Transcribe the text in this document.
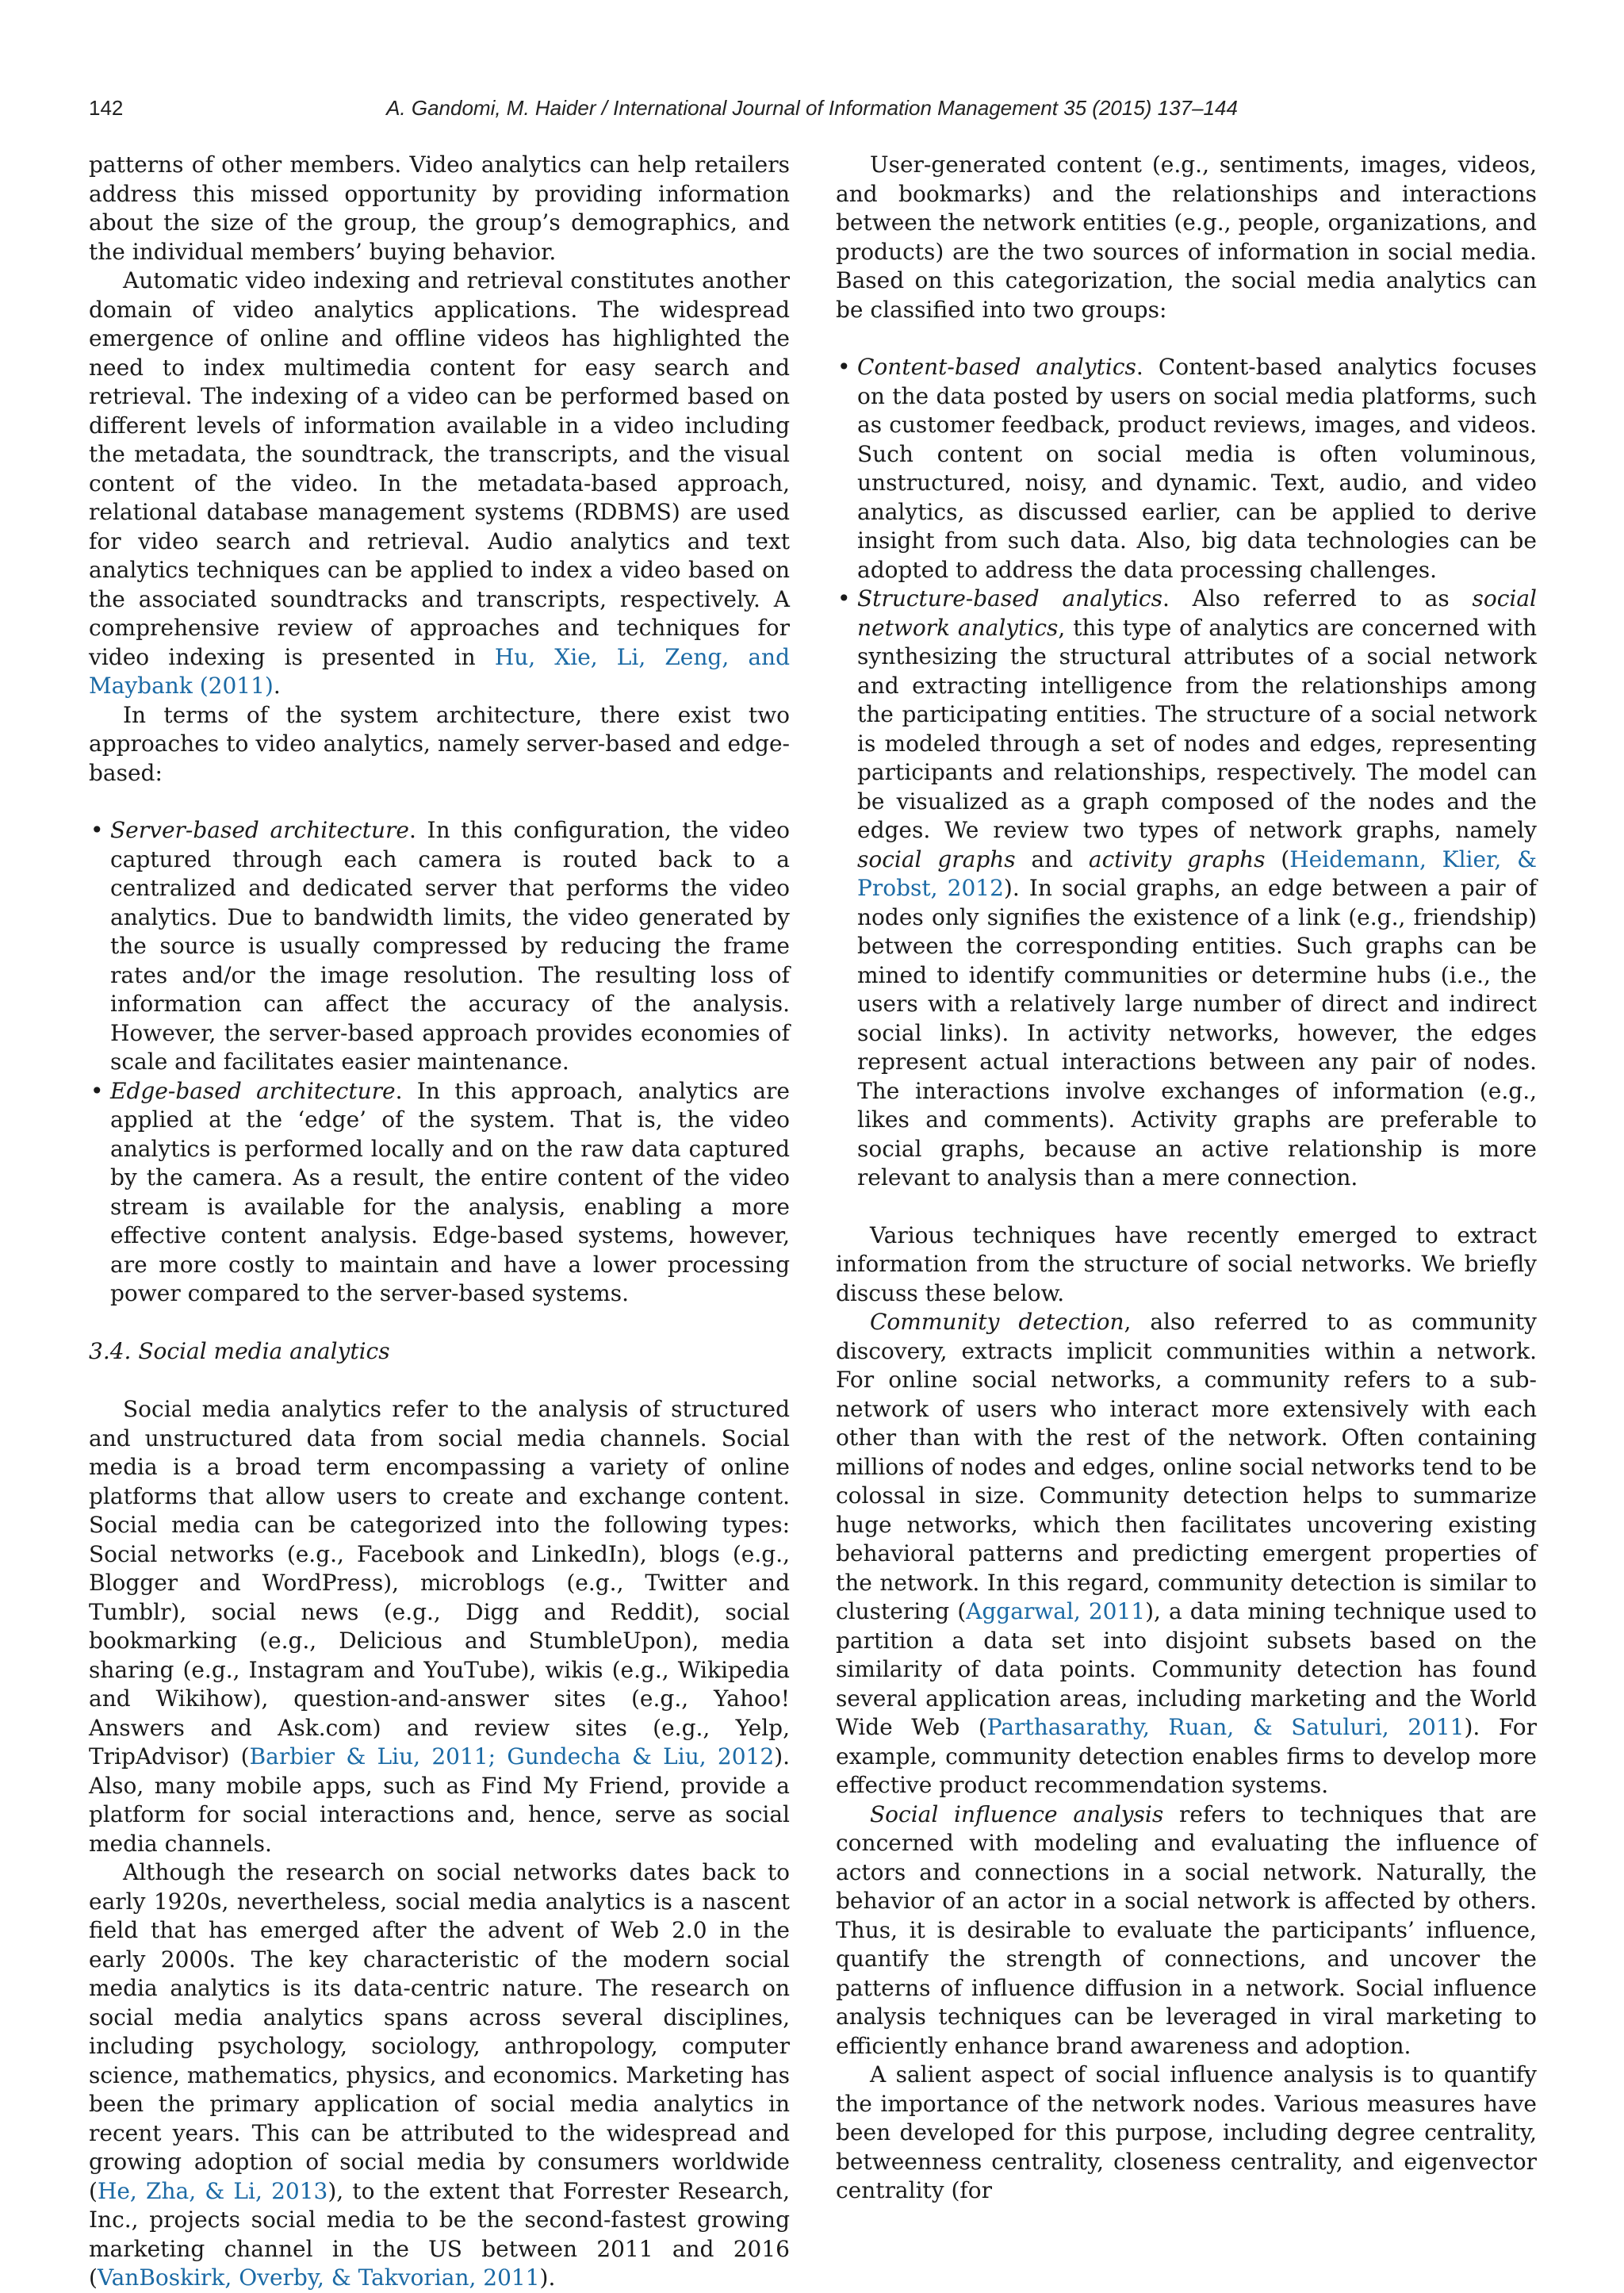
142	A. Gandomi, M. Haider / International Journal of Information Management 35 (2015) 137–144

patterns of other members. Video analytics can help retailers address this missed opportunity by providing information about the size of the group, the group’s demographics, and the individual members’ buying behavior.

Automatic video indexing and retrieval constitutes another domain of video analytics applications. The widespread emergence of online and offline videos has highlighted the need to index multimedia content for easy search and retrieval. The indexing of a video can be performed based on different levels of information available in a video including the metadata, the soundtrack, the transcripts, and the visual content of the video. In the metadata-based approach, relational database management systems (RDBMS) are used for video search and retrieval. Audio analytics and text analytics techniques can be applied to index a video based on the associated soundtracks and transcripts, respectively. A comprehensive review of approaches and techniques for video indexing is presented in Hu, Xie, Li, Zeng, and Maybank (2011).

In terms of the system architecture, there exist two approaches to video analytics, namely server-based and edge-based:

• Server-based architecture. In this configuration, the video captured through each camera is routed back to a centralized and dedicated server that performs the video analytics. Due to bandwidth limits, the video generated by the source is usually compressed by reducing the frame rates and/or the image resolution. The resulting loss of information can affect the accuracy of the analysis. However, the server-based approach provides economies of scale and facilitates easier maintenance.
• Edge-based architecture. In this approach, analytics are applied at the ‘edge’ of the system. That is, the video analytics is performed locally and on the raw data captured by the camera. As a result, the entire content of the video stream is available for the analysis, enabling a more effective content analysis. Edge-based systems, however, are more costly to maintain and have a lower processing power compared to the server-based systems.

3.4. Social media analytics

Social media analytics refer to the analysis of structured and unstructured data from social media channels. Social media is a broad term encompassing a variety of online platforms that allow users to create and exchange content. Social media can be categorized into the following types: Social networks (e.g., Facebook and LinkedIn), blogs (e.g., Blogger and WordPress), microblogs (e.g., Twitter and Tumblr), social news (e.g., Digg and Reddit), social bookmarking (e.g., Delicious and StumbleUpon), media sharing (e.g., Instagram and YouTube), wikis (e.g., Wikipedia and Wikihow), question-and-answer sites (e.g., Yahoo! Answers and Ask.com) and review sites (e.g., Yelp, TripAdvisor) (Barbier & Liu, 2011; Gundecha & Liu, 2012). Also, many mobile apps, such as Find My Friend, provide a platform for social interactions and, hence, serve as social media channels.

Although the research on social networks dates back to early 1920s, nevertheless, social media analytics is a nascent field that has emerged after the advent of Web 2.0 in the early 2000s. The key characteristic of the modern social media analytics is its data-centric nature. The research on social media analytics spans across several disciplines, including psychology, sociology, anthropology, computer science, mathematics, physics, and economics. Marketing has been the primary application of social media analytics in recent years. This can be attributed to the widespread and growing adoption of social media by consumers worldwide (He, Zha, & Li, 2013), to the extent that Forrester Research, Inc., projects social media to be the second-fastest growing marketing channel in the US between 2011 and 2016 (VanBoskirk, Overby, & Takvorian, 2011).

User-generated content (e.g., sentiments, images, videos, and bookmarks) and the relationships and interactions between the network entities (e.g., people, organizations, and products) are the two sources of information in social media. Based on this categorization, the social media analytics can be classified into two groups:

• Content-based analytics. Content-based analytics focuses on the data posted by users on social media platforms, such as customer feedback, product reviews, images, and videos. Such content on social media is often voluminous, unstructured, noisy, and dynamic. Text, audio, and video analytics, as discussed earlier, can be applied to derive insight from such data. Also, big data technologies can be adopted to address the data processing challenges.
• Structure-based analytics. Also referred to as social network analytics, this type of analytics are concerned with synthesizing the structural attributes of a social network and extracting intelligence from the relationships among the participating entities. The structure of a social network is modeled through a set of nodes and edges, representing participants and relationships, respectively. The model can be visualized as a graph composed of the nodes and the edges. We review two types of network graphs, namely social graphs and activity graphs (Heidemann, Klier, & Probst, 2012). In social graphs, an edge between a pair of nodes only signifies the existence of a link (e.g., friendship) between the corresponding entities. Such graphs can be mined to identify communities or determine hubs (i.e., the users with a relatively large number of direct and indirect social links). In activity networks, however, the edges represent actual interactions between any pair of nodes. The interactions involve exchanges of information (e.g., likes and comments). Activity graphs are preferable to social graphs, because an active relationship is more relevant to analysis than a mere connection.

Various techniques have recently emerged to extract information from the structure of social networks. We briefly discuss these below.

Community detection, also referred to as community discovery, extracts implicit communities within a network. For online social networks, a community refers to a sub-network of users who interact more extensively with each other than with the rest of the network. Often containing millions of nodes and edges, online social networks tend to be colossal in size. Community detection helps to summarize huge networks, which then facilitates uncovering existing behavioral patterns and predicting emergent properties of the network. In this regard, community detection is similar to clustering (Aggarwal, 2011), a data mining technique used to partition a data set into disjoint subsets based on the similarity of data points. Community detection has found several application areas, including marketing and the World Wide Web (Parthasarathy, Ruan, & Satuluri, 2011). For example, community detection enables firms to develop more effective product recommendation systems.

Social influence analysis refers to techniques that are concerned with modeling and evaluating the influence of actors and connections in a social network. Naturally, the behavior of an actor in a social network is affected by others. Thus, it is desirable to evaluate the participants’ influence, quantify the strength of connections, and uncover the patterns of influence diffusion in a network. Social influence analysis techniques can be leveraged in viral marketing to efficiently enhance brand awareness and adoption.

A salient aspect of social influence analysis is to quantify the importance of the network nodes. Various measures have been developed for this purpose, including degree centrality, betweenness centrality, closeness centrality, and eigenvector centrality (for
